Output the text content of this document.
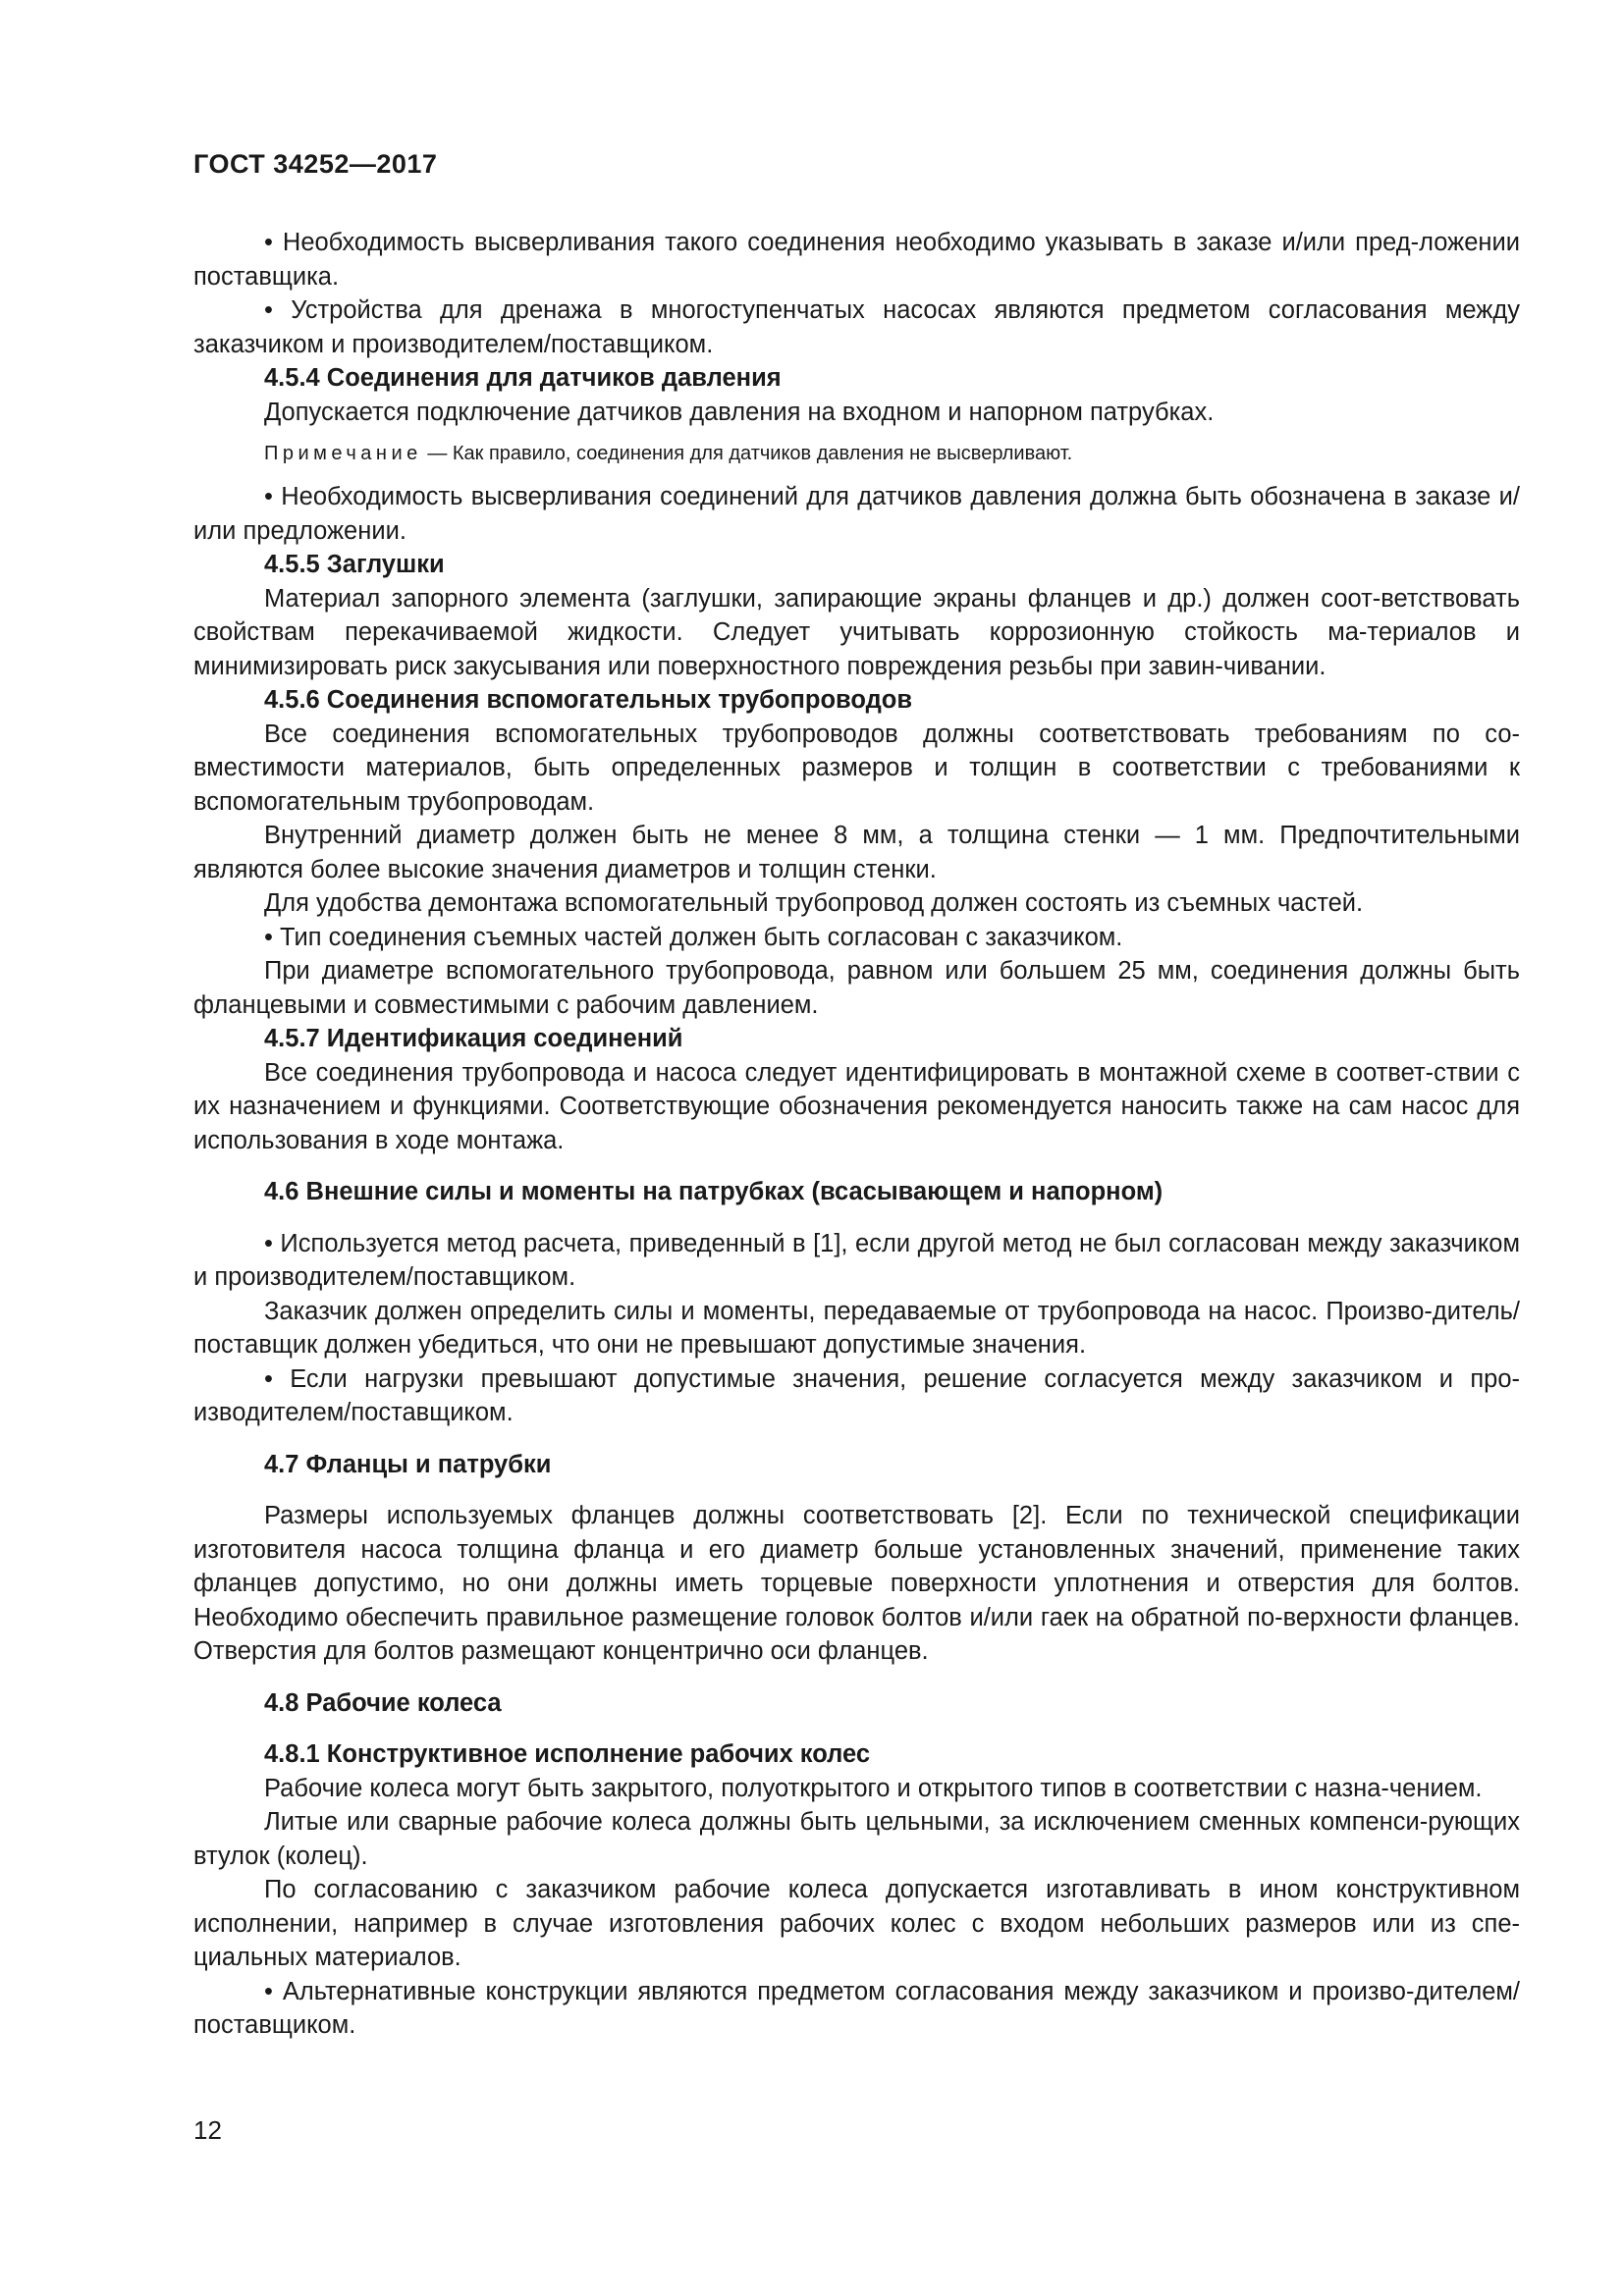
ГОСТ 34252—2017

• Необходимость высверливания такого соединения необходимо указывать в заказе и/или пред-ложении поставщика.

• Устройства для дренажа в многоступенчатых насосах являются предметом согласования между заказчиком и производителем/поставщиком.

4.5.4 Соединения для датчиков давления

Допускается подключение датчиков давления на входном и напорном патрубках.

Примечание — Как правило, соединения для датчиков давления не высверливают.

• Необходимость высверливания соединений для датчиков давления должна быть обозначена в заказе и/или предложении.

4.5.5 Заглушки

Материал запорного элемента (заглушки, запирающие экраны фланцев и др.) должен соот-ветствовать свойствам перекачиваемой жидкости. Следует учитывать коррозионную стойкость ма-териалов и минимизировать риск закусывания или поверхностного повреждения резьбы при завин-чивании.

4.5.6 Соединения вспомогательных трубопроводов

Все соединения вспомогательных трубопроводов должны соответствовать требованиям по со-вместимости материалов, быть определенных размеров и толщин в соответствии с требованиями к вспомогательным трубопроводам.

Внутренний диаметр должен быть не менее 8 мм, а толщина стенки — 1 мм. Предпочтительными являются более высокие значения диаметров и толщин стенки.

Для удобства демонтажа вспомогательный трубопровод должен состоять из съемных частей.

• Тип соединения съемных частей должен быть согласован с заказчиком.

При диаметре вспомогательного трубопровода, равном или большем 25 мм, соединения должны быть фланцевыми и совместимыми с рабочим давлением.

4.5.7 Идентификация соединений

Все соединения трубопровода и насоса следует идентифицировать в монтажной схеме в соответ-ствии с их назначением и функциями. Соответствующие обозначения рекомендуется наносить также на сам насос для использования в ходе монтажа.

4.6 Внешние силы и моменты на патрубках (всасывающем и напорном)

• Используется метод расчета, приведенный в [1], если другой метод не был согласован между заказчиком и производителем/поставщиком.

Заказчик должен определить силы и моменты, передаваемые от трубопровода на насос. Произво-дитель/поставщик должен убедиться, что они не превышают допустимые значения.

• Если нагрузки превышают допустимые значения, решение согласуется между заказчиком и про-изводителем/поставщиком.

4.7 Фланцы и патрубки

Размеры используемых фланцев должны соответствовать [2]. Если по технической спецификации изготовителя насоса толщина фланца и его диаметр больше установленных значений, применение таких фланцев допустимо, но они должны иметь торцевые поверхности уплотнения и отверстия для болтов. Необходимо обеспечить правильное размещение головок болтов и/или гаек на обратной по-верхности фланцев. Отверстия для болтов размещают концентрично оси фланцев.

4.8 Рабочие колеса
4.8.1 Конструктивное исполнение рабочих колес

Рабочие колеса могут быть закрытого, полуоткрытого и открытого типов в соответствии с назна-чением.

Литые или сварные рабочие колеса должны быть цельными, за исключением сменных компенси-рующих втулок (колец).

По согласованию с заказчиком рабочие колеса допускается изготавливать в ином конструктивном исполнении, например в случае изготовления рабочих колес с входом небольших размеров или из спе-циальных материалов.

• Альтернативные конструкции являются предметом согласования между заказчиком и произво-дителем/поставщиком.

12
